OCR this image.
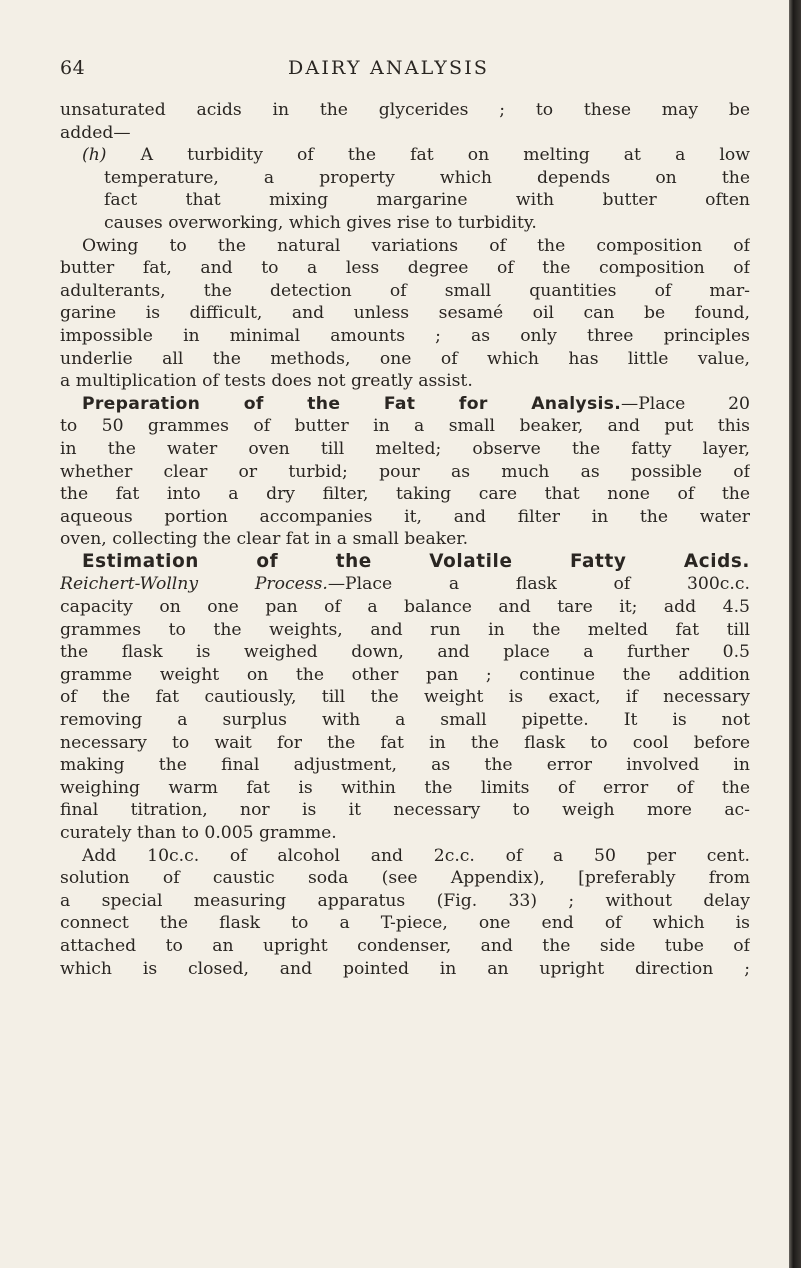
64	DAIRY ANALYSIS
unsaturated acids in the glycerides ; to these may be
added—
(h) A turbidity of the fat on melting at a low
temperature, a property which depends on the
fact that mixing margarine with butter often
causes overworking, which gives rise to turbidity.
Owing to the natural variations of the composition of
butter fat, and to a less degree of the composition of
adulterants, the detection of small quantities of mar-
garine is difficult, and unless sesamé oil can be found,
impossible in minimal amounts ; as only three principles
underlie all the methods, one of which has little value,
a multiplication of tests does not greatly assist.
Preparation of the Fat for Analysis.—Place 20
to 50 grammes of butter in a small beaker, and put this
in the water oven till melted; observe the fatty layer,
whether clear or turbid; pour as much as possible of
the fat into a dry filter, taking care that none of the
aqueous portion accompanies it, and filter in the water
oven, collecting the clear fat in a small beaker.
Estimation of the Volatile Fatty Acids.
Reichert-Wollny Process.—Place a flask of 300c.c.
capacity on one pan of a balance and tare it; add 4.5
grammes to the weights, and run in the melted fat till
the flask is weighed down, and place a further 0.5
gramme weight on the other pan ; continue the addition
of the fat cautiously, till the weight is exact, if necessary
removing a surplus with a small pipette. It is not
necessary to wait for the fat in the flask to cool before
making the final adjustment, as the error involved in
weighing warm fat is within the limits of error of the
final titration, nor is it necessary to weigh more ac-
curately than to 0.005 gramme.
Add 10c.c. of alcohol and 2c.c. of a 50 per cent.
solution of caustic soda (see Appendix), [preferably from
a special measuring apparatus (Fig. 33) ; without delay
connect the flask to a T-piece, one end of which is
attached to an upright condenser, and the side tube of
which is closed, and pointed in an upright direction ;
